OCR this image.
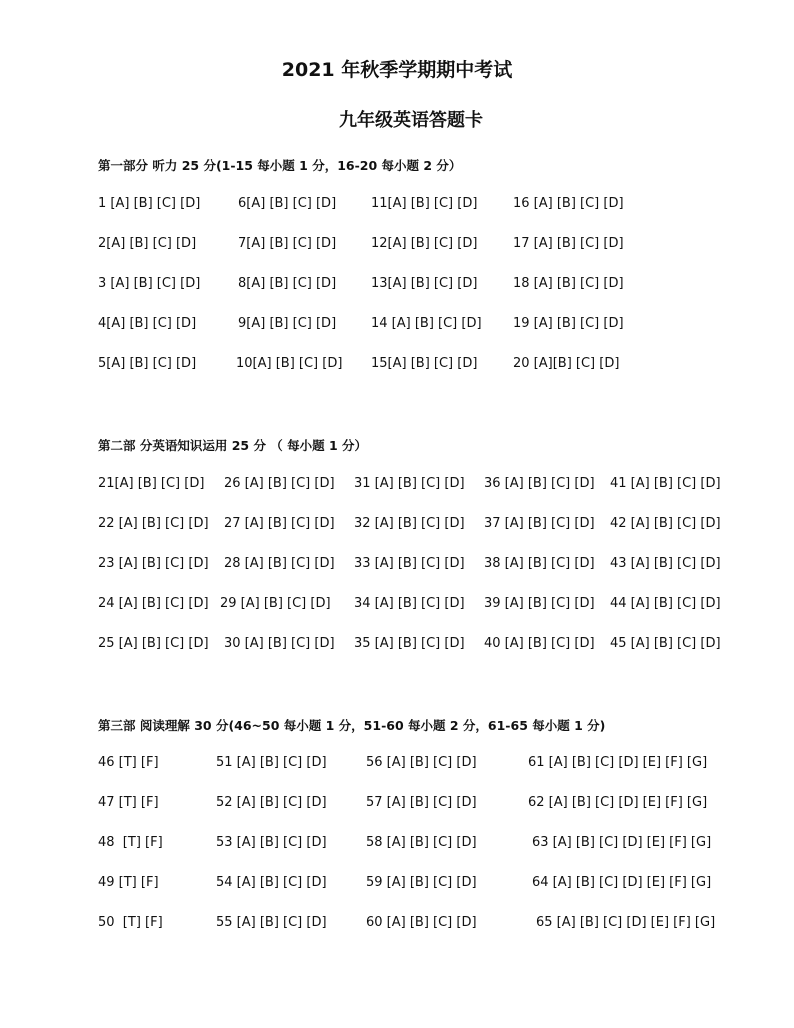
2021 年秋季学期期中考试
九年级英语答题卡
第一部分 听力 25 分(1-15 每小题 1 分，16-20 每小题 2 分）
1 [A] [B] [C] [D]	6[A] [B] [C] [D]	11[A] [B] [C] [D]	16 [A] [B] [C] [D]
2[A] [B] [C] [D]	7[A] [B] [C] [D]	12[A] [B] [C] [D]	17 [A] [B] [C] [D]
3 [A] [B] [C] [D]	8[A] [B] [C] [D]	13[A] [B] [C] [D]	18 [A] [B] [C] [D]
4[A] [B] [C] [D]	9[A] [B] [C] [D]	14 [A] [B] [C] [D] 19 [A] [B] [C] [D]
5[A] [B] [C] [D]	10[A] [B] [C] [D] 15[A] [B] [C] [D]	20 [A][B] [C] [D]
第二部 分英语知识运用 25 分 （ 每小题 1 分）
21[A] [B] [C] [D] 26 [A] [B] [C] [D] 31 [A] [B] [C] [D] 36 [A] [B] [C] [D] 41 [A] [B] [C] [D]
22 [A] [B] [C] [D] 27 [A] [B] [C] [D] 32 [A] [B] [C] [D] 37 [A] [B] [C] [D] 42 [A] [B] [C] [D]
23 [A] [B] [C] [D] 28 [A] [B] [C] [D] 33 [A] [B] [C] [D] 38 [A] [B] [C] [D] 43 [A] [B] [C] [D]
24 [A] [B] [C] [D] 29 [A] [B] [C] [D] 34 [A] [B] [C] [D] 39 [A] [B] [C] [D] 44 [A] [B] [C] [D]
25 [A] [B] [C] [D] 30 [A] [B] [C] [D] 35 [A] [B] [C] [D] 40 [A] [B] [C] [D] 45 [A] [B] [C] [D]
第三部 阅读理解 30 分(46~50 每小题 1 分，51-60 每小题 2 分，61-65 每小题 1 分)
46 [T] [F]	51 [A] [B] [C] [D]	56 [A] [B] [C] [D]	61 [A] [B] [C] [D] [E] [F] [G]
47 [T] [F]	52 [A] [B] [C] [D]	57 [A] [B] [C] [D]	62 [A] [B] [C] [D] [E] [F] [G]
48  [T] [F]	53 [A] [B] [C] [D]	58 [A] [B] [C] [D]	63 [A] [B] [C] [D] [E] [F] [G]
49 [T] [F]	54 [A] [B] [C] [D]	59 [A] [B] [C] [D]	64 [A] [B] [C] [D] [E] [F] [G]
50  [T] [F]	55 [A] [B] [C] [D]	60 [A] [B] [C] [D]	65 [A] [B] [C] [D] [E] [F] [G]
